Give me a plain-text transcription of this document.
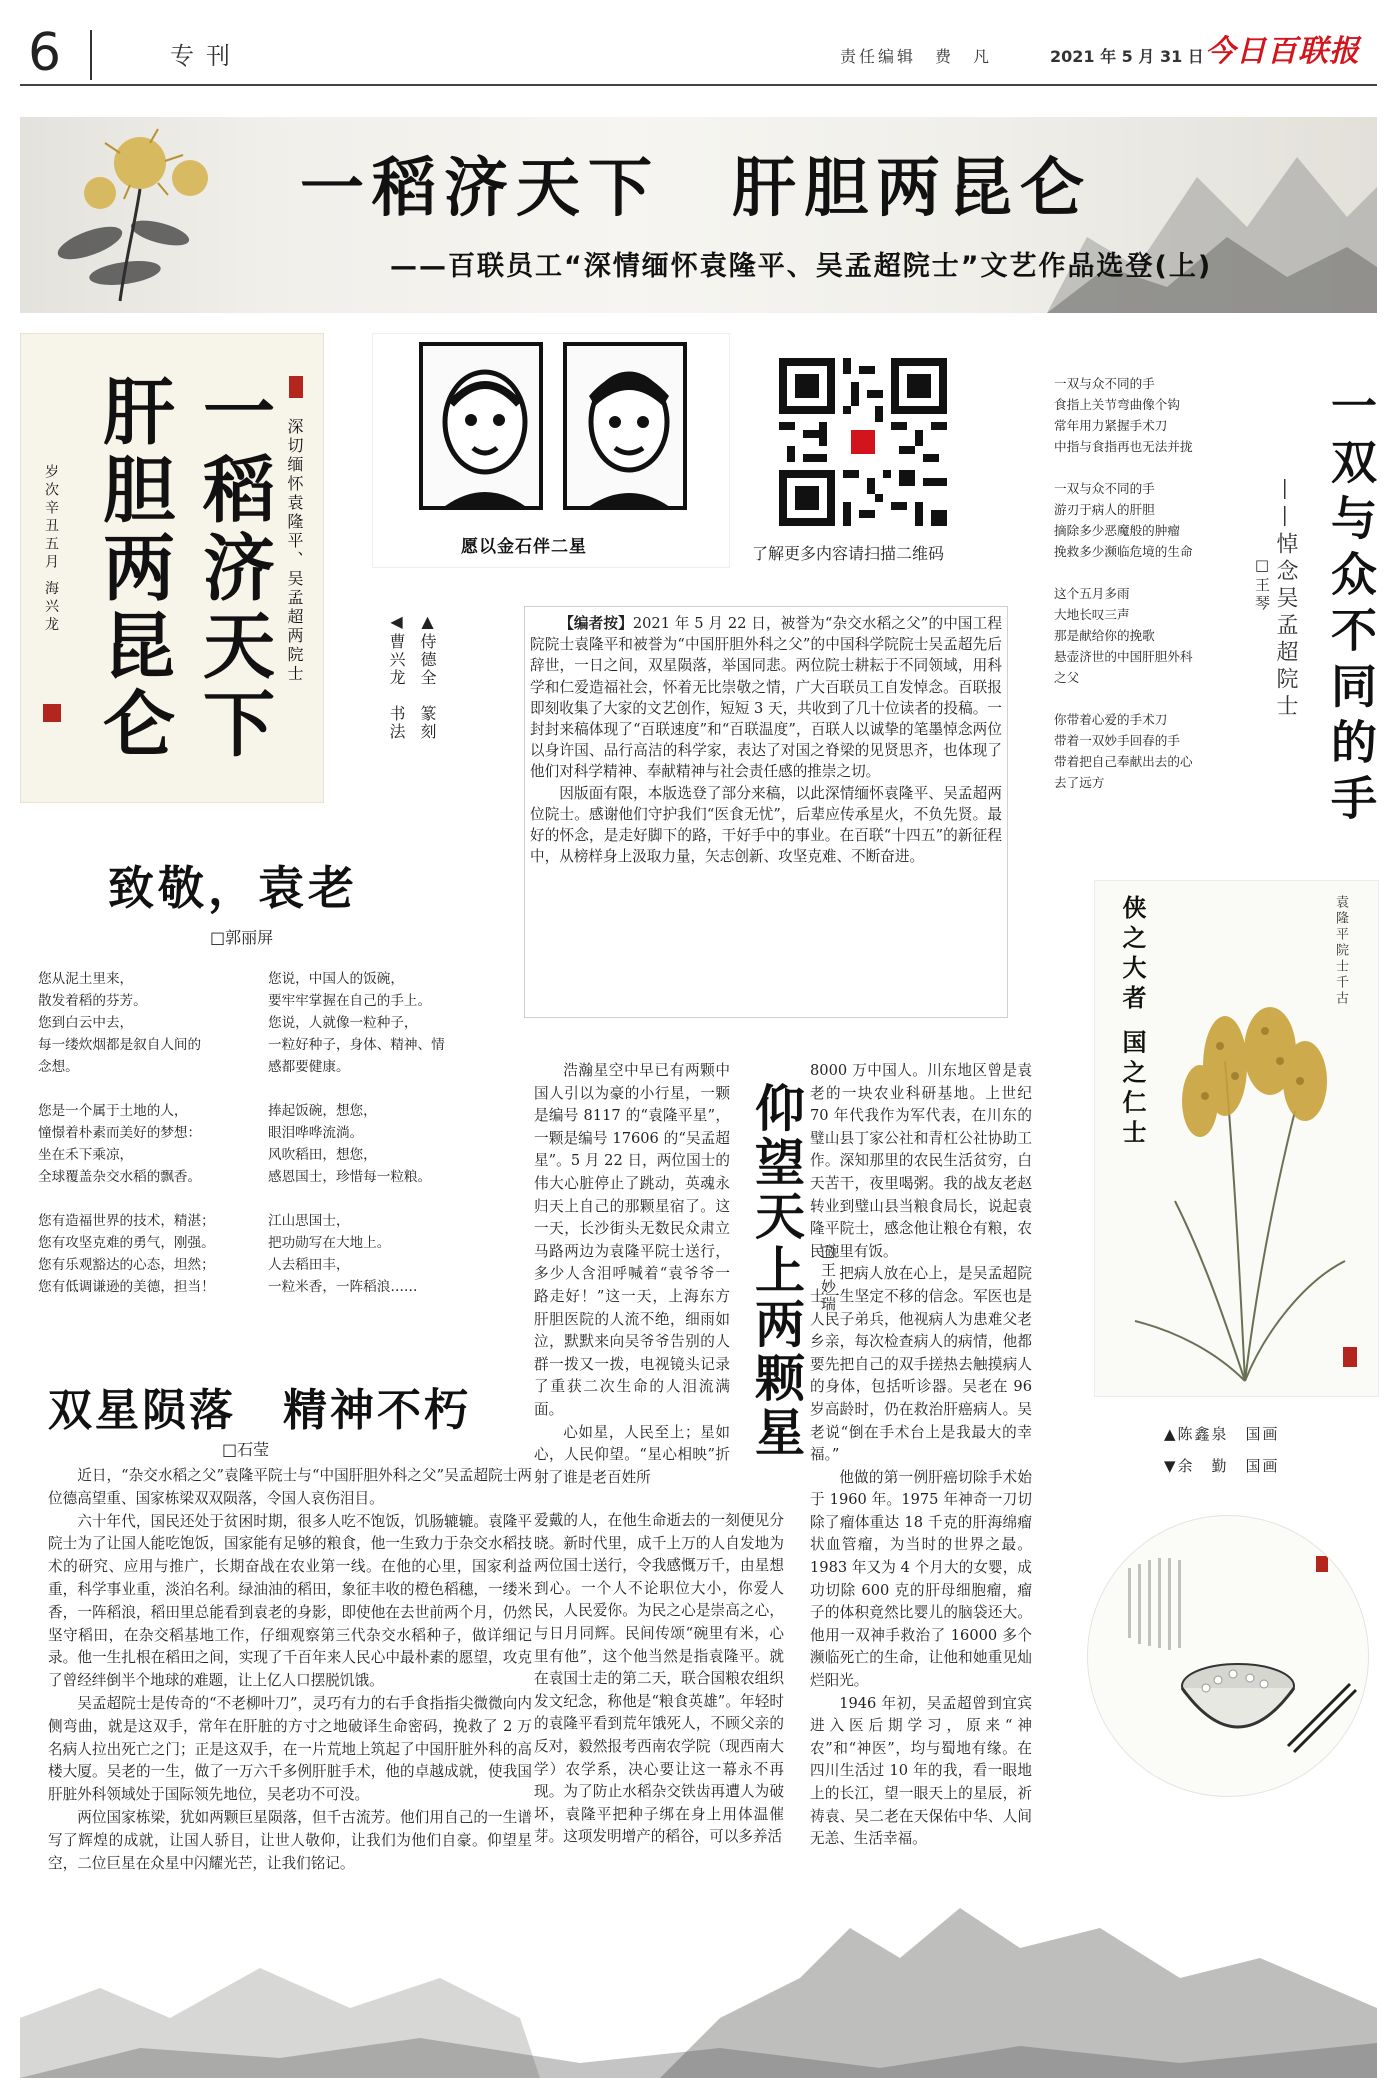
6	专刊	责任编辑　费　凡	2021 年 5 月 31 日 今日百联报
一稻济天下　肝胆两昆仑
——百联员工“深情缅怀袁隆平、吴孟超院士”文艺作品选登(上)
深切缅怀袁隆平、吴孟超两院士
一稻济天下
肝胆两昆仑
岁次辛丑五月 海兴龙	愿以金石伴二星
▲侍德全　篆刻
◀曹兴龙　书法
了解更多内容请扫描二维码

【编者按】2021 年 5 月 22 日，被誉为“杂交水稻之父”的中国工程院院士袁隆平和被誉为“中国肝胆外科之父”的中国科学院院士吴孟超先后辞世，一日之间，双星陨落，举国同悲。两位院士耕耘于不同领域，用科学和仁爱造福社会，怀着无比崇敬之情，广大百联员工自发悼念。百联报即刻收集了大家的文艺创作，短短 3 天，共收到了几十位读者的投稿。一封封来稿体现了“百联速度”和“百联温度”，百联人以诚挚的笔墨悼念两位以身许国、品行高洁的科学家，表达了对国之脊梁的见贤思齐，也体现了他们对科学精神、奉献精神与社会责任感的推崇之切。

因版面有限，本版选登了部分来稿，以此深情缅怀袁隆平、吴孟超两位院士。感谢他们守护我们“医食无忧”，后辈应传承星火，不负先贤。最好的怀念，是走好脚下的路，干好手中的事业。在百联“十四五”的新征程中，从榜样身上汲取力量，矢志创新、攻坚克难、不断奋进。

一双与众不同的手
——悼念吴孟超院士
□王琴
一双与众不同的手
食指上关节弯曲像个钩
常年用力紧握手术刀
中指与食指再也无法并拢
一双与众不同的手
游刃于病人的肝胆
摘除多少恶魔般的肿瘤
挽救多少濒临危境的生命
这个五月多雨
大地长叹三声
那是献给你的挽歌
悬壶济世的中国肝胆外科
之父
你带着心爱的手术刀
带着一双妙手回春的手
带着把自己奉献出去的心
去了远方
致敬，袁老
□郭丽屏
您从泥土里来，
散发着稻的芬芳。
您到白云中去，
每一缕炊烟都是叙自人间的
念想。
您是一个属于土地的人，
憧憬着朴素而美好的梦想：
坐在禾下乘凉，
全球覆盖杂交水稻的飘香。
您有造福世界的技术，精湛；
您有攻坚克难的勇气，刚强。
您有乐观豁达的心态，坦然；
您有低调谦逊的美德，担当！
您说，中国人的饭碗，
要牢牢掌握在自己的手上。
您说，人就像一粒种子，
一粒好种子，身体、精神、情
感都要健康。
捧起饭碗，想您，
眼泪哗哗流淌。
风吹稻田，想您，
感恩国士，珍惜每一粒粮。
江山思国士，
把功勋写在大地上。
人去稻田丰，
一粒米香，一阵稻浪……
双星陨落　精神不朽
□石莹

近日，“杂交水稻之父”袁隆平院士与“中国肝胆外科之父”吴孟超院士两位德高望重、国家栋梁双双陨落，令国人哀伤泪目。

六十年代，国民还处于贫困时期，很多人吃不饱饭，饥肠辘辘。袁隆平院士为了让国人能吃饱饭，国家能有足够的粮食，他一生致力于杂交水稻技术的研究、应用与推广，长期奋战在农业第一线。在他的心里，国家利益重，科学事业重，淡泊名利。绿油油的稻田，象征丰收的橙色稻穗，一缕米香，一阵稻浪，稻田里总能看到袁老的身影，即使他在去世前两个月，仍然坚守稻田，在杂交稻基地工作，仔细观察第三代杂交水稻种子，做详细记录。他一生扎根在稻田之间，实现了千百年来人民心中最朴素的愿望，攻克了曾经绊倒半个地球的难题，让上亿人口摆脱饥饿。

吴孟超院士是传奇的“不老柳叶刀”，灵巧有力的右手食指指尖微微向内侧弯曲，就是这双手，常年在肝脏的方寸之地破译生命密码，挽救了 2 万名病人拉出死亡之门；正是这双手，在一片荒地上筑起了中国肝脏外科的高楼大厦。吴老的一生，做了一万六千多例肝脏手术，他的卓越成就，使我国肝脏外科领域处于国际领先地位，吴老功不可没。

两位国家栋梁，犹如两颗巨星陨落，但千古流芳。他们用自己的一生谱写了辉煌的成就，让国人骄目，让世人敬仰，让我们为他们自豪。仰望星空，二位巨星在众星中闪耀光芒，让我们铭记。

浩瀚星空中早已有两颗中国人引以为豪的小行星，一颗是编号 8117 的“袁隆平星”，一颗是编号 17606 的“吴孟超星”。5 月 22 日，两位国士的伟大心脏停止了跳动，英魂永归天上自己的那颗星宿了。这一天，长沙街头无数民众肃立马路两边为袁隆平院士送行，多少人含泪呼喊着“袁爷爷一路走好！”这一天，上海东方肝胆医院的人流不绝，细雨如泣，默默来向吴爷爷告别的人群一拨又一拨，电视镜头记录了重获二次生命的人泪流满面。

心如星，人民至上；星如心，人民仰望。“星心相映”折射了谁是老百姓所

仰望天上两颗星 □王妙瑞

爱戴的人，在他生命逝去的一刻便见分晓。新时代里，成千上万的人自发地为两位国士送行，令我感慨万千，由星想到心。一个人不论职位大小，你爱人民，人民爱你。为民之心是崇高之心，与日月同辉。民间传颂“碗里有米，心里有他”，这个他当然是指袁隆平。就在袁国士走的第二天，联合国粮农组织发文纪念，称他是“粮食英雄”。年轻时的袁隆平看到荒年饿死人，不顾父亲的反对，毅然报考西南农学院（现西南大学）农学系，决心要让这一幕永不再现。为了防止水稻杂交铁齿再遭人为破坏，袁隆平把种子绑在身上用体温催芽。这项发明增产的稻谷，可以多养活

8000 万中国人。川东地区曾是袁老的一块农业科研基地。上世纪 70 年代我作为军代表，在川东的璧山县丁家公社和青杠公社协助工作。深知那里的农民生活贫穷，白天苦干，夜里喝粥。我的战友老赵转业到璧山县当粮食局长，说起袁隆平院士，感念他让粮仓有粮，农民碗里有饭。

把病人放在心上，是吴孟超院士一生坚定不移的信念。军医也是人民子弟兵，他视病人为患难父老乡亲，每次检查病人的病情，他都要先把自己的双手搓热去触摸病人的身体，包括听诊器。吴老在 96 岁高龄时，仍在救治肝癌病人。吴老说“倒在手术台上是我最大的幸福。”

他做的第一例肝癌切除手术始于 1960 年。1975 年神奇一刀切除了瘤体重达 18 千克的肝海绵瘤状血管瘤，为当时的世界之最。1983 年又为 4 个月大的女婴，成功切除 600 克的肝母细胞瘤，瘤子的体积竟然比婴儿的脑袋还大。他用一双神手救治了 16000 多个濒临死亡的生命，让他和她重见灿烂阳光。

1946 年初，吴孟超曾到宜宾进入医后期学习，原来“神农”和“神医”，均与蜀地有缘。在四川生活过 10 年的我，看一眼地上的长江，望一眼天上的星辰，祈祷袁、吴二老在天保佑中华、人间无恙、生活幸福。

侠之大者 国之仁士	袁隆平院士千古
▲陈鑫泉　国画
▼余　勤　国画
